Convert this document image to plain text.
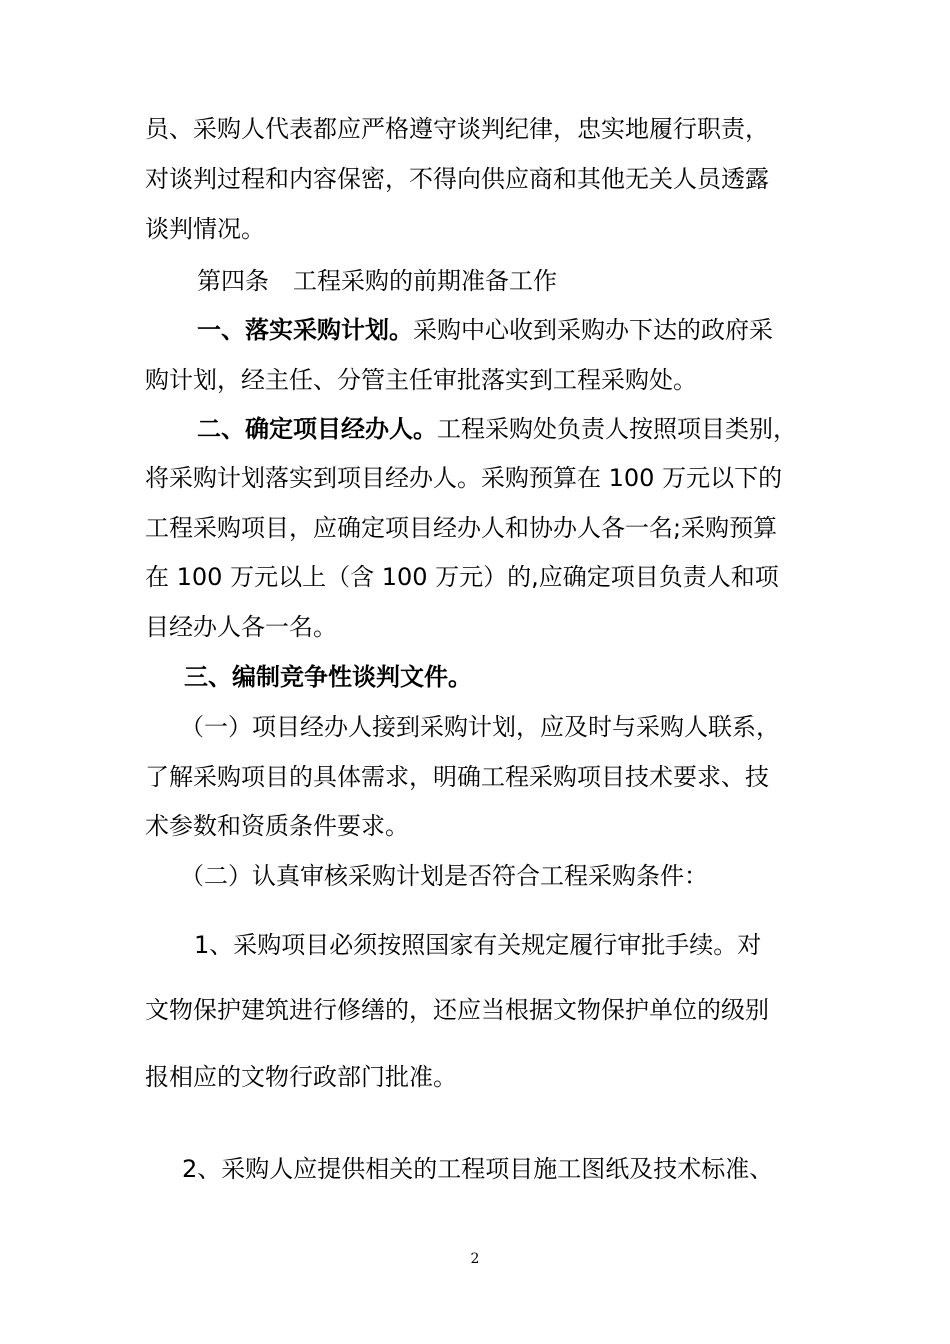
员、采购人代表都应严格遵守谈判纪律，忠实地履行职责，

对谈判过程和内容保密，不得向供应商和其他无关人员透露

谈判情况。

第四条　工程采购的前期准备工作

一、落实采购计划。采购中心收到采购办下达的政府采

购计划，经主任、分管主任审批落实到工程采购处。

二、确定项目经办人。工程采购处负责人按照项目类别，

将采购计划落实到项目经办人。采购预算在 100 万元以下的

工程采购项目，应确定项目经办人和协办人各一名;采购预算

在 100 万元以上（含 100 万元）的,应确定项目负责人和项

目经办人各一名。

三、编制竞争性谈判文件。

（一）项目经办人接到采购计划，应及时与采购人联系，

了解采购项目的具体需求，明确工程采购项目技术要求、技

术参数和资质条件要求。

（二）认真审核采购计划是否符合工程采购条件：

1、采购项目必须按照国家有关规定履行审批手续。对

文物保护建筑进行修缮的，还应当根据文物保护单位的级别

报相应的文物行政部门批准。

2、采购人应提供相关的工程项目施工图纸及技术标准、

2
